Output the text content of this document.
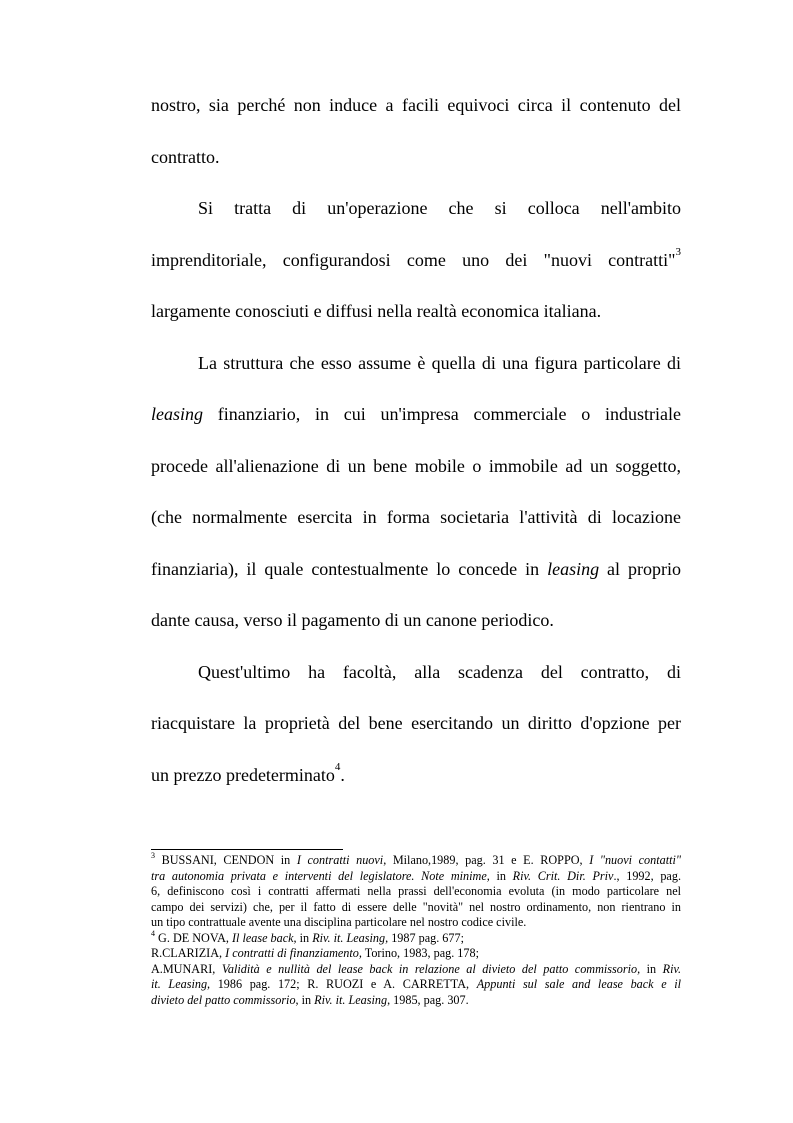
nostro, sia perché non induce a facili equivoci circa il contenuto del
contratto.
Si tratta di un'operazione che si colloca nell'ambito
imprenditoriale, configurandosi come uno dei "nuovi contratti"$^3$
largamente conosciuti e diffusi nella realtà economica italiana.
La struttura che esso assume è quella di una figura particolare di
leasing finanziario, in cui un'impresa commerciale o industriale
procede all'alienazione di un bene mobile o immobile ad un soggetto,
(che normalmente esercita in forma societaria l'attività di locazione
finanziaria), il quale contestualmente lo concede in leasing al proprio
dante causa, verso il pagamento di un canone periodico.
Quest'ultimo ha facoltà, alla scadenza del contratto, di
riacquistare la proprietà del bene esercitando un diritto d'opzione per
un prezzo predeterminato$^4$.
$^3$ BUSSANI, CENDON in I contratti nuovi, Milano,1989, pag. 31 e E. ROPPO, I "nuovi contatti"
tra autonomia privata e interventi del legislatore. Note minime, in Riv. Crit. Dir. Priv., 1992, pag.
6, definiscono così i contratti affermati nella prassi dell'economia evoluta (in modo particolare nel
campo dei servizi) che, per il fatto di essere delle "novità" nel nostro ordinamento, non rientrano in
un tipo contrattuale avente una disciplina particolare nel nostro codice civile.
$^4$ G. DE NOVA, Il lease back, in Riv. it. Leasing, 1987 pag. 677;
R.CLARIZIA, I contratti di finanziamento, Torino, 1983, pag. 178;
A.MUNARI, Validità e nullità del lease back in relazione al divieto del patto commissorio, in Riv.
it. Leasing, 1986 pag. 172; R. RUOZI e A. CARRETTA, Appunti sul sale and lease back e il
divieto del patto commissorio, in Riv. it. Leasing, 1985, pag. 307.
